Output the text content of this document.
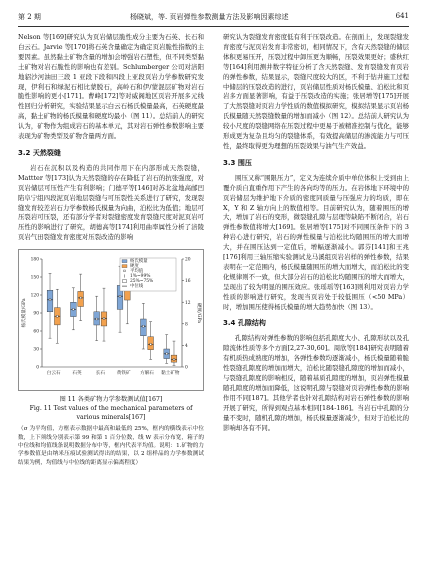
第 2 期	杨晓斌，等. 页岩弹性参数测量方法及影响因素综述	641

Nelson 等[169]研究认为页岩储层脆性成分主要为石英、长石和白云石。Jarvie 等[170]将石英含量确定为确定页岩脆性指数的主要因素。虽然黏土矿物含量的增加会增强岩石塑性，但不同类型黏土矿物对岩石脆性的影响也有差别。Schlumberger 公司对涪阳地貂沙河油田三段 1 亚段下段和四段上亚段页岩力学参数研究发现，伊利石和绿泥石相比蒙脱石，高岭石和伊/蒙混层矿物对岩石脆性影响的更小[171]。曹峰[172]等对威阁地区页岩开展多元线性回归分析研究，实验结果显示白云石杨氏模量最高，石英硬度最高，黏土矿物的杨氏模量和硬度均最小（图 11）。总结前人的研究认为，矿物作为组成岩石的基本单元，其对岩石弹性参数影响主要表现为矿物类型及矿物含量两方面。

3.2 天然裂缝

岩石在沉积以及构造的共同作用下在内部形成天然裂缝，Mattter 等[173]认为天然裂缝的存在降低了岩石的抗张强度，对页岩储层可压性产生有利影响；门德平等[146]对苏北盆地高邮凹陷阜宁组四段泥页岩地层裂缝与可压裂性关系进行了研究，发现裂缝发育较差岩石力学参数杨氏模量为向曲，泊松比为低值；地层可压裂岩可压裂，还有部分学者对裂缝密度发育裂缝尺度对泥页岩可压性的影响进行了研究，胡德高等[174]利用曲率属性分析了涪陵页岩气田裂缝发育密度对压裂改造的影响

0
30
60
90
120
150
180
0
4
8
12
16
20
杨氏模量/GPa	硬度/GPa
白云石	石英	长石	黄铁矿 方解石 黏土矿物
杨氏模量
硬度
平均值
1%~99%
25%~75%
中位线
图 11 各类矿物力学参数测试值[167]
Fig. 11 Test values of the mechanical parameters of various minerals[167]
（σ 为平均值，方框表示数据中最高和最低的 25%，框内的横线表示中位数，上下须线分别表示第 99 和第 1 百分位数，线 W 表示分布宽，箱子的中位线和均值线条说明数据分布中等，框内代表平均值。说明：1.矿物的力学参数值是由纳米压痕试验测试得出的结果，以 2 组样品的力学参数测试结果为例，均值线与中位线的距离显示偏离程度）

研究认为裂缝发育密度低有利于压裂改造。在剖面上，发现裂缝发育密度与泥页岩发育非常密切，相同情况下，含有天然裂缝的储层体积更易压开，压裂过程中卸压更为顺畅，压裂效果更好；盛秋红等[164]利用测井数字特征分析了含天然裂缝、发育裂缝发育页岩的弹性参数，结果显示，裂缝尺度较大的区，不利于钻井施工过程中储层的压裂改造的进行，页岩储层性质对杨氏模量、泊松比和页岩多方面显著影响，有益于压裂改造的实施；张居增等[175]开展了大然裂缝对页岩力学性质的数值模拟研究，模拟结果显示页岩杨氏模量随天然裂缝数量的增加而减小（图 12）。总结前人研究认为较小尺度的裂缝网络在压裂过程中更易于被精准控制与优化，能够形成更为复杂且均匀的裂缝体系，有效提高储层的渗流能力与可压性，最终取得更为理想的压裂效果与油气生产效益。

3.3 围压

围压又称“围限压力”，定义为连续介质中单位体积上受到由上覆介质自直重作用下产生的各向均等的压力。在岩体地下环境中的页岩储层为维护地下介质的密度同质量与压强应力的均质，即在 X，Y 和 Z 轴方向上的数值相等。目前研究认为，随着围压的增大，增加了岩石的变形，微裂缝孔隙与层理等缺陷不断闭合，岩石弹性参数值将增大[169]。张居增等[175]对不同围压条件下的 3 种岩心进行研究，岩石的弹性模量与泊松比均随围压的增大而增大，并在围压达到一定值后，增幅逐渐减小。郭芬[141]和王兆[176]利用三轴压缩实验测试龙马溪组页岩岩样的弹性参数，结果表明在一定范围内，杨氏模量随围压的增大而增大，而泊松比的变化规律则不一致，但大部分岩石的泊松比均随围压的增大而增大，呈现出了较为明显的围压效应。张瑶瑶等[163]则利用对页岩力学性质的影响进行研究，发现当页岩处于较低围压（<50 MPa）时，增加围压使得杨氏模量的增大趋势加快（图 13）。

3.4 孔隙结构

孔隙结构对弹性参数的影响包括孔隙度大小、孔隙形状以及孔隙流体性质等多个方面[2,27-30,60]。周欣等[184]研究表明随着有机质热成熟度的增加，各弹性参数均逐渐减小，杨氏模量随着脆性裂缝孔隙度的增加而增大，泊松比随裂缝孔隙度的增加而减小，与裂缝孔隙度的影响相反，随着基质孔隙度的增加，页岩弹性模量随孔隙度的增加而降低，这说明孔隙与裂缝对页岩弹性参数的影响作用不同[187]。其他学者也针对孔隙结构对岩石弹性参数的影响开展了研究，所得到观点基本相同[184-186]。当岩石中孔隙的分量不变时，随机孔隙的增加，杨氏模量逐渐减少，但对于泊松比的影响却各有不同。
